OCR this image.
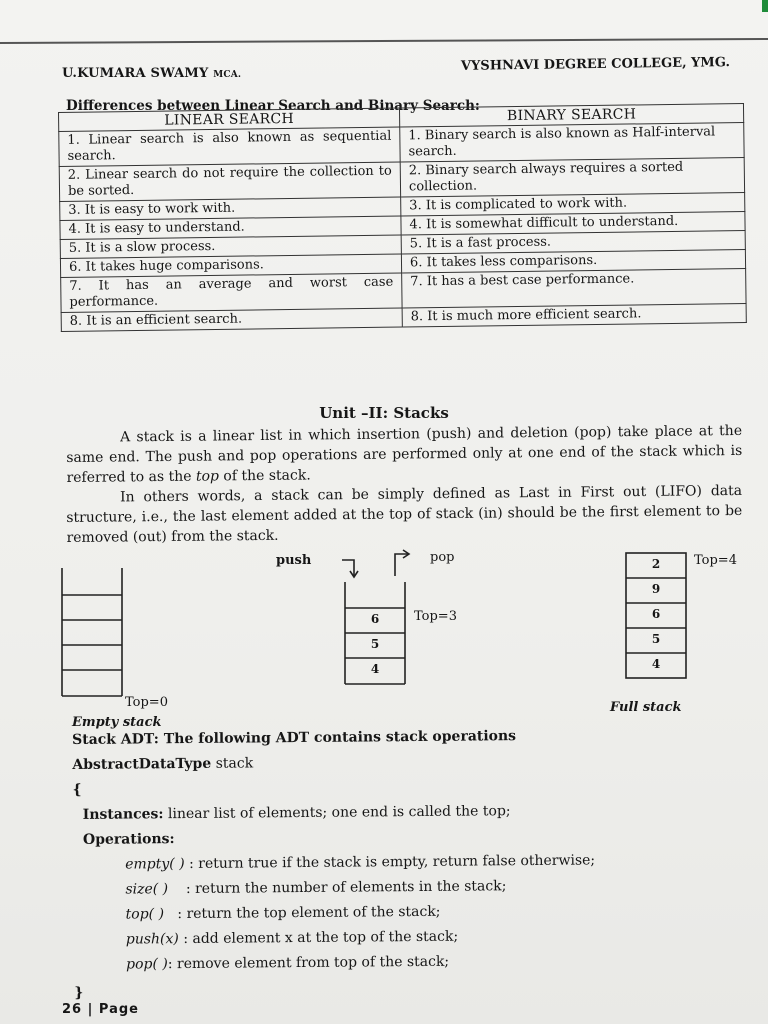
U.KUMARA SWAMY MCA.
VYSHNAVI DEGREE COLLEGE, YMG.
Differences between Linear Search and Binary Search:
LINEAR SEARCH	BINARY SEARCH
1. Linear search is also known as sequential search.	1. Binary search is also known as Half-interval search.
2. Linear search do not require the collection to be sorted.	2. Binary search always requires a sorted collection.
3. It is easy to work with.	3. It is complicated to work with.
4. It is easy to understand.	4. It is somewhat difficult to understand.
5. It is a slow process.	5. It is a fast process.
6. It takes huge comparisons.	6. It takes less comparisons.
7. It has an average and worst case performance.	7. It has a best case performance.
8. It is an efficient search.	8. It is much more efficient search.
Unit –II: Stacks
A stack is a linear list in which insertion (push) and deletion (pop) take place at the same end. The push and pop operations are performed only at one end of the stack which is referred to as the top of the stack.
In others words, a stack can be simply defined as Last in First out (LIFO) data structure, i.e., the last element added at the top of stack (in) should be the first element to be removed (out) from the stack.
6
5
4
2
9
6
5
4
push	pop
Top=3
Top=4
Top=0
Empty stack
Full stack
Stack ADT: The following ADT contains stack operations
AbstractDataType stack
{
Instances: linear list of elements; one end is called the top;
Operations:
empty( ) : return true if the stack is empty, return false otherwise;
size( )    : return the number of elements in the stack;
top( )   : return the top element of the stack;
push(x) : add element x at the top of the stack;
pop( ): remove element from top of the stack;
}
26 | Page
